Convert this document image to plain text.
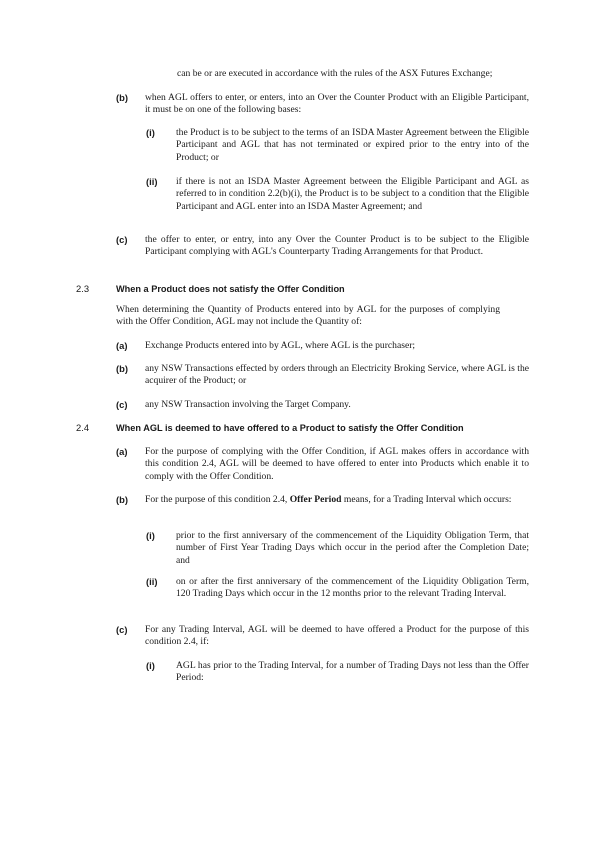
can be or are executed in accordance with the rules of the ASX Futures Exchange;

(b) when AGL offers to enter, or enters, into an Over the Counter Product with an Eligible Participant, it must be on one of the following bases:

(i) the Product is to be subject to the terms of an ISDA Master Agreement between the Eligible Participant and AGL that has not terminated or expired prior to the entry into of the Product; or

(ii) if there is not an ISDA Master Agreement between the Eligible Participant and AGL as referred to in condition 2.2(b)(i), the Product is to be subject to a condition that the Eligible Participant and AGL enter into an ISDA Master Agreement; and

(c) the offer to enter, or entry, into any Over the Counter Product is to be subject to the Eligible Participant complying with AGL's Counterparty Trading Arrangements for that Product.

2.3	When a Product does not satisfy the Offer Condition

When determining the Quantity of Products entered into by AGL for the purposes of complying with the Offer Condition, AGL may not include the Quantity of:

(a) Exchange Products entered into by AGL, where AGL is the purchaser;

(b) any NSW Transactions effected by orders through an Electricity Broking Service, where AGL is the acquirer of the Product; or

(c) any NSW Transaction involving the Target Company.

2.4	When AGL is deemed to have offered to a Product to satisfy the Offer Condition
(a) For the purpose of complying with the Offer Condition, if AGL makes offers in accordance with this condition 2.4, AGL will be deemed to have offered to enter into Products which enable it to comply with the Offer Condition.

(b) For the purpose of this condition 2.4, Offer Period means, for a Trading Interval which occurs:

(i) prior to the first anniversary of the commencement of the Liquidity Obligation Term, that number of First Year Trading Days which occur in the period after the Completion Date; and

(ii) on or after the first anniversary of the commencement of the Liquidity Obligation Term, 120 Trading Days which occur in the 12 months prior to the relevant Trading Interval.

(c) For any Trading Interval, AGL will be deemed to have offered a Product for the purpose of this condition 2.4, if:

(i) AGL has prior to the Trading Interval, for a number of Trading Days not less than the Offer Period:
